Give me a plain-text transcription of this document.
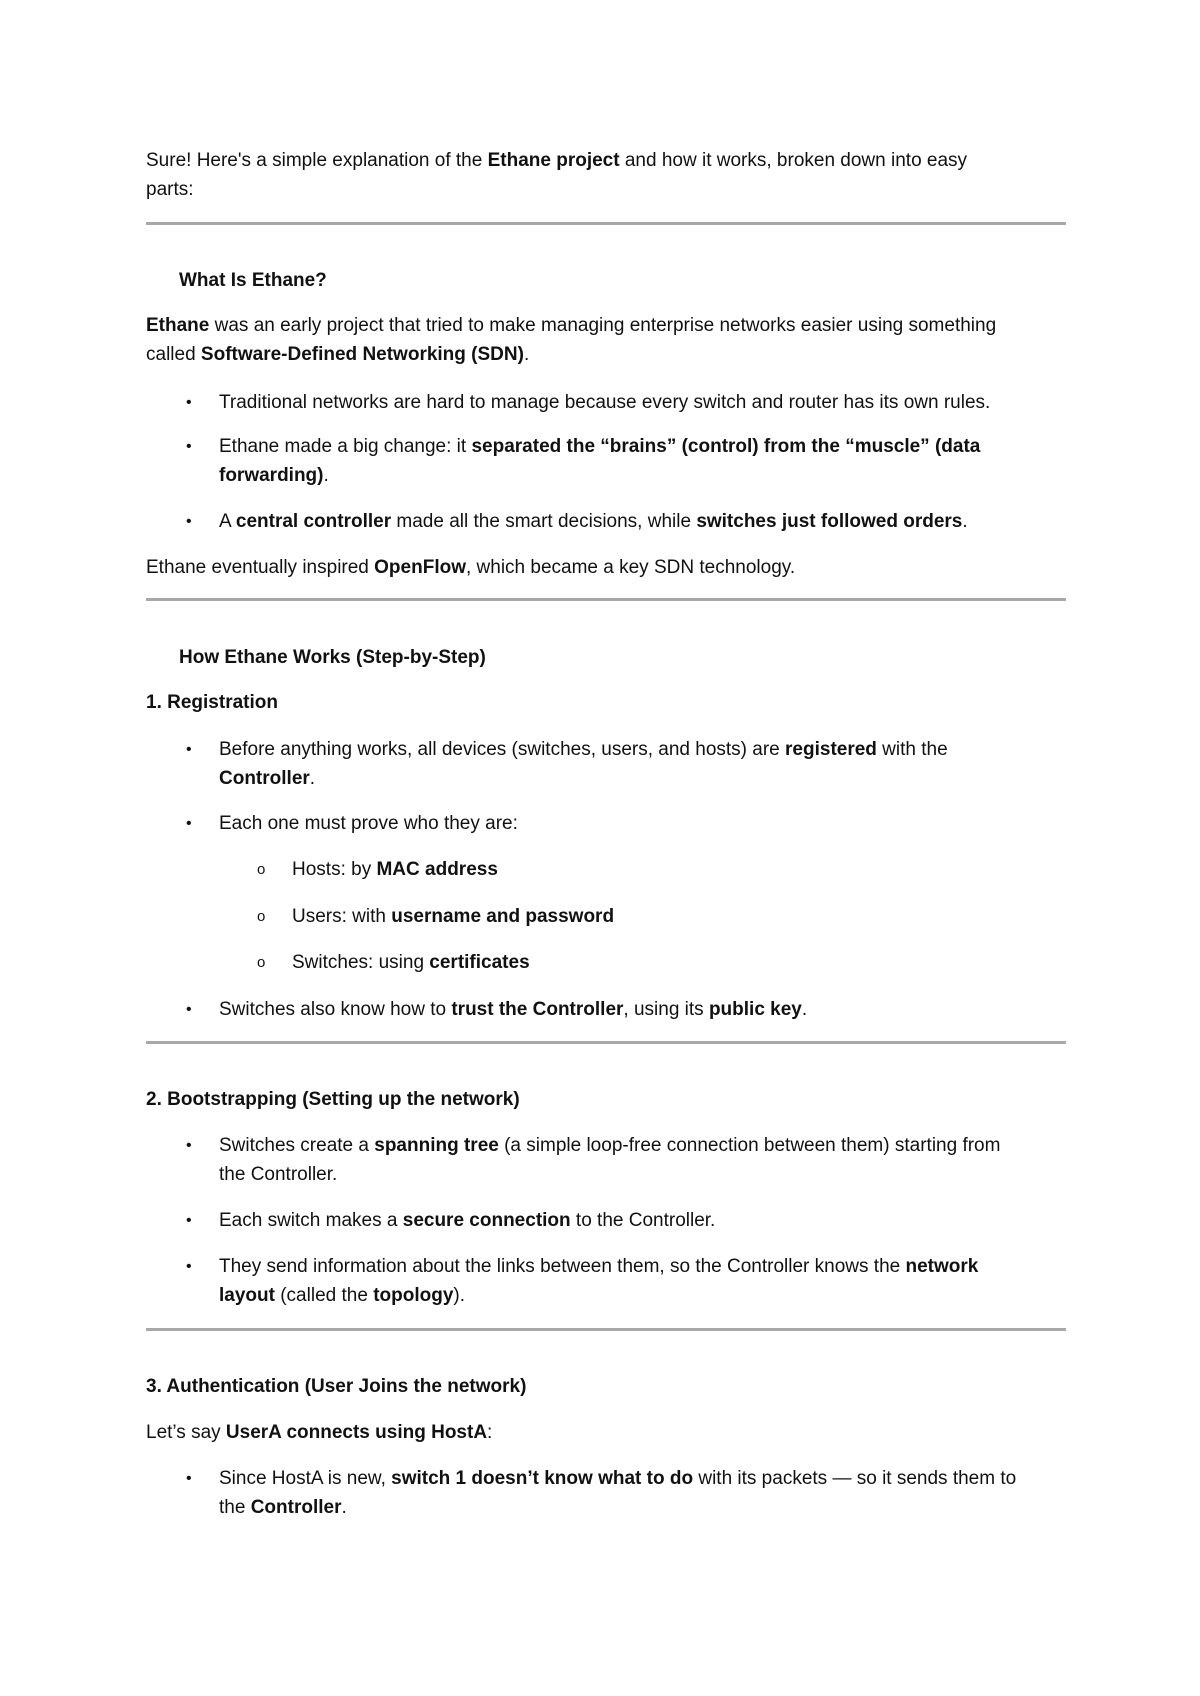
Sure! Here's a simple explanation of the Ethane project and how it works, broken down into easy
parts:
What Is Ethane?
Ethane was an early project that tried to make managing enterprise networks easier using something
called Software-Defined Networking (SDN).
•	Traditional networks are hard to manage because every switch and router has its own rules.
•	Ethane made a big change: it separated the “brains” (control) from the “muscle” (data
forwarding).
•	A central controller made all the smart decisions, while switches just followed orders.
Ethane eventually inspired OpenFlow, which became a key SDN technology.
How Ethane Works (Step-by-Step)
1. Registration
•	Before anything works, all devices (switches, users, and hosts) are registered with the
Controller.
•	Each one must prove who they are:
o Hosts: by MAC address
o Users: with username and password
o Switches: using certificates
•	Switches also know how to trust the Controller, using its public key.
2. Bootstrapping (Setting up the network)
•	Switches create a spanning tree (a simple loop-free connection between them) starting from
the Controller.
•	Each switch makes a secure connection to the Controller.
•	They send information about the links between them, so the Controller knows the network
layout (called the topology).
3. Authentication (User Joins the network)
Let’s say UserA connects using HostA:
•	Since HostA is new, switch 1 doesn’t know what to do with its packets — so it sends them to
the Controller.
